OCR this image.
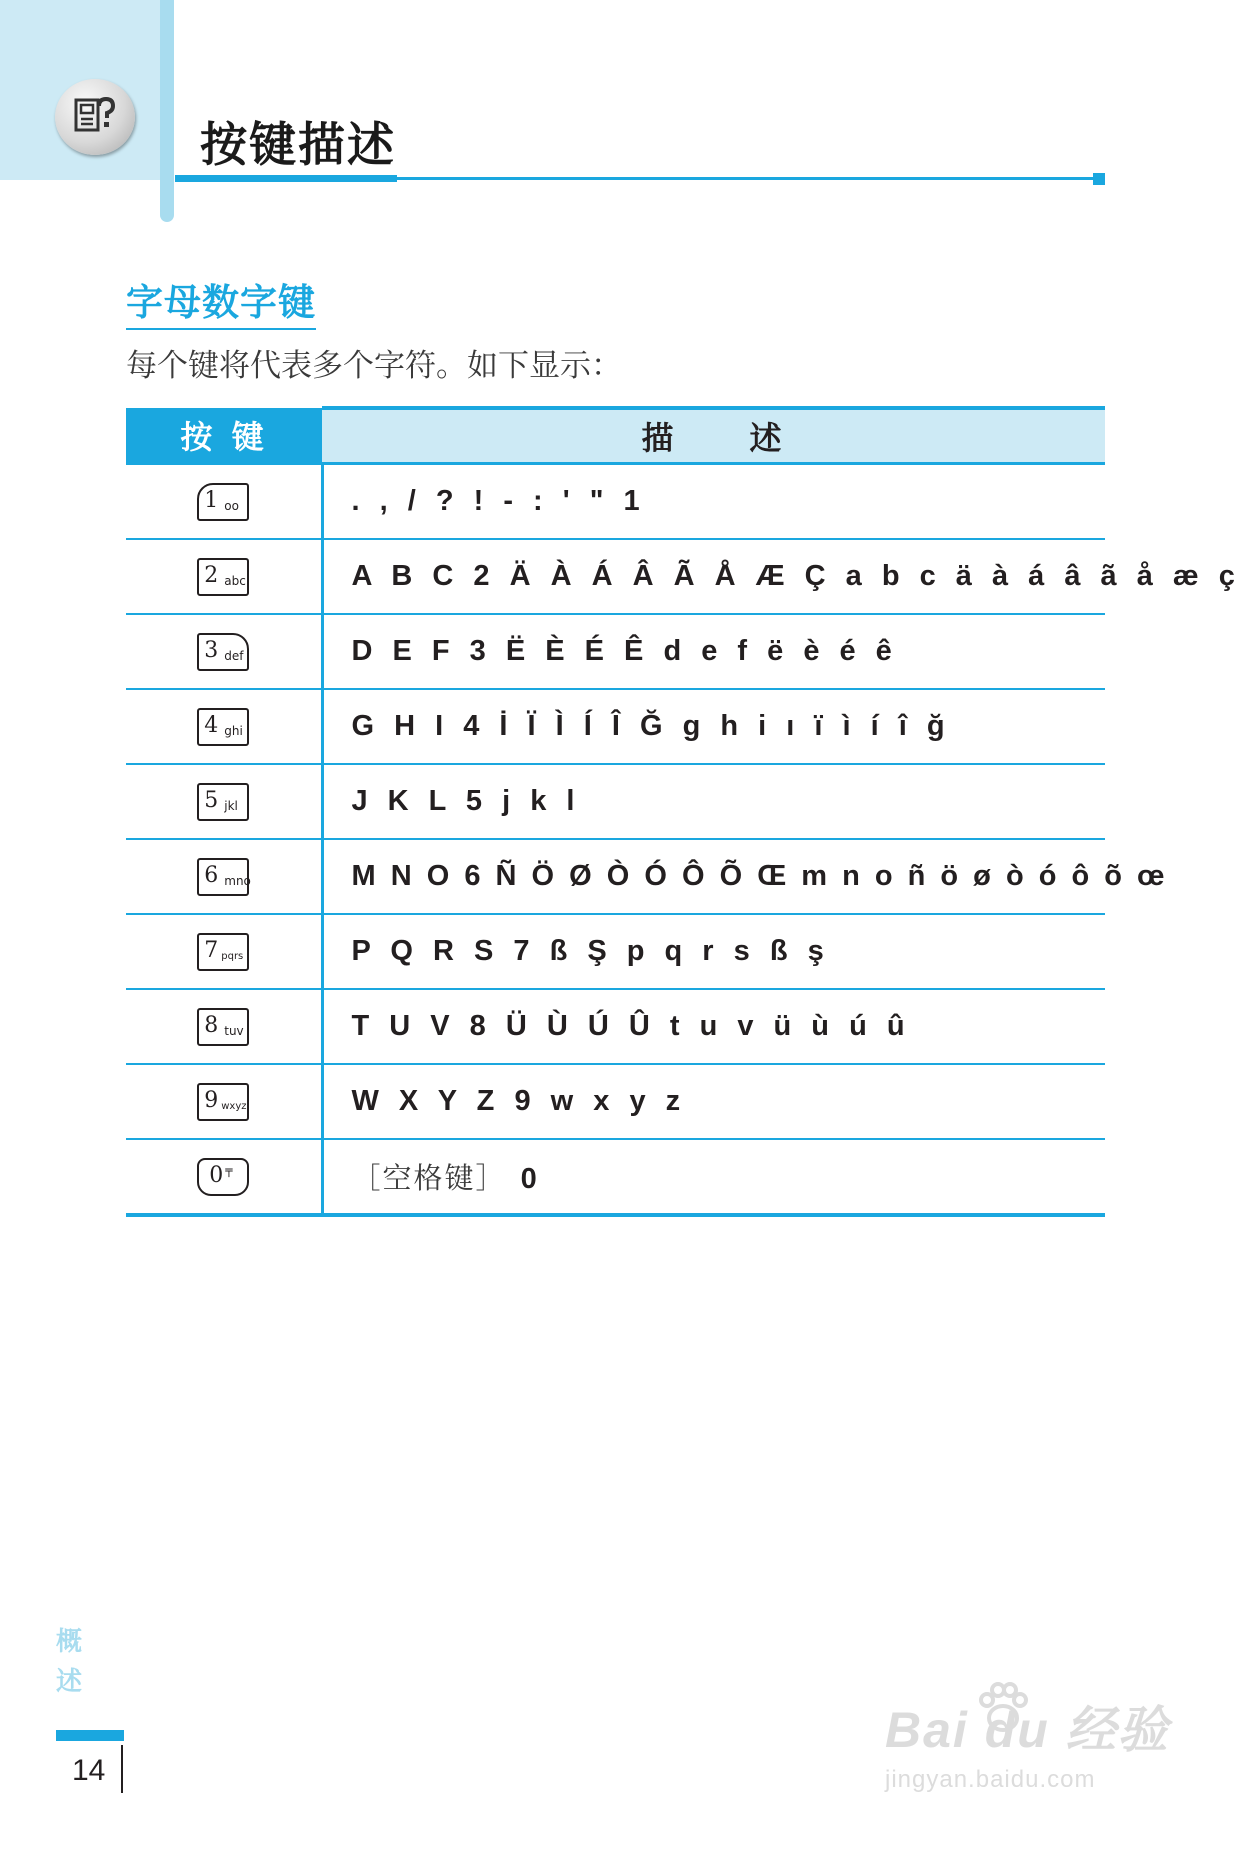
按键描述
字母数字键
每个键将代表多个字符。如下显示：
按 键	描　　述

1 oo	. , / ? ! - : ' " 1

2 abc	A B C 2 Ä À Á Â Ã Å Æ Ç a b c ä à á â ã å æ ç

3 def	D E F 3 Ë È É Ê d e f ë è é ê

4 ghi	G H I 4 İ Ï Ì Í Î Ğ g h i ı ï ì í î ğ

5 jkl	J K L 5 j k l

6 mno	M N O 6 Ñ Ö Ø Ò Ó Ô Õ Œ m n o ñ ö ø ò ó ô õ œ

7 pqrs	P Q R S 7 ß Ş p q r s ß ş

8 tuv	T U V 8 Ü Ù Ú Û t u v ü ù ú û

9 wxyz	W X Y Z 9 w x y z

0 ╤	［空格键］ 0
概述
14
Bai du 经验
jingyan.baidu.com
